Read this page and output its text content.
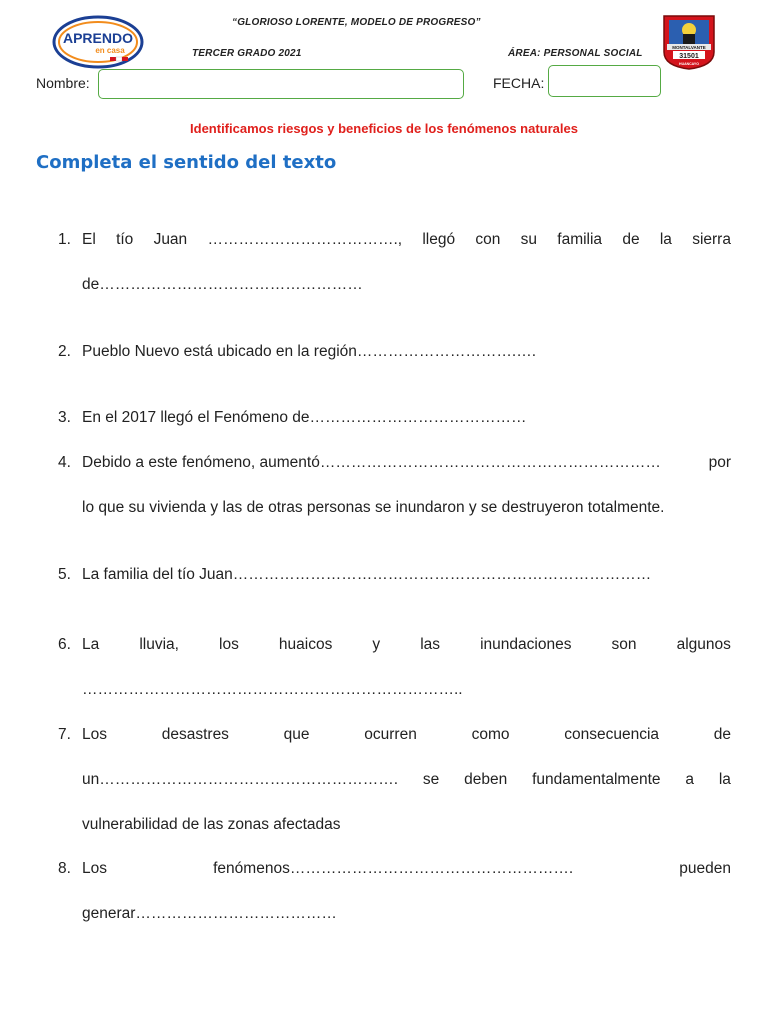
APRENDO
en casa
“GLORIOSO LORENTE, MODELO DE PROGRESO”
TERCER GRADO 2021	ÁREA: PERSONAL SOCIAL
MONTALVANTE
31501
HUANCAYO
Nombre:	FECHA:
Identificamos riesgos y beneficios de los fenómenos naturales
Completa el sentido del texto
1. El tío Juan ………………………………., llegó con su familia de la sierra
de……………………………………………
2. Pueblo Nuevo está ubicado en la región………………………….….
3. En el 2017 llegó el Fenómeno de……………………………………
4. Debido a este fenómeno, aumentó…………………………………………………………	por
lo que su vivienda y las de otras personas se inundaron y se destruyeron totalmente.
5. La familia del tío Juan………………………………………………………………………
6. La	lluvia,	los	huaicos	y	las	inundaciones	son	algunos
………………………………………………………………..
7. Los	desastres	que	ocurren	como	consecuencia	de
un…………………………………………………. se deben fundamentalmente a la
vulnerabilidad de las zonas afectadas
8. Los	fenómenos……………………………………………….	pueden
generar…………………………………
